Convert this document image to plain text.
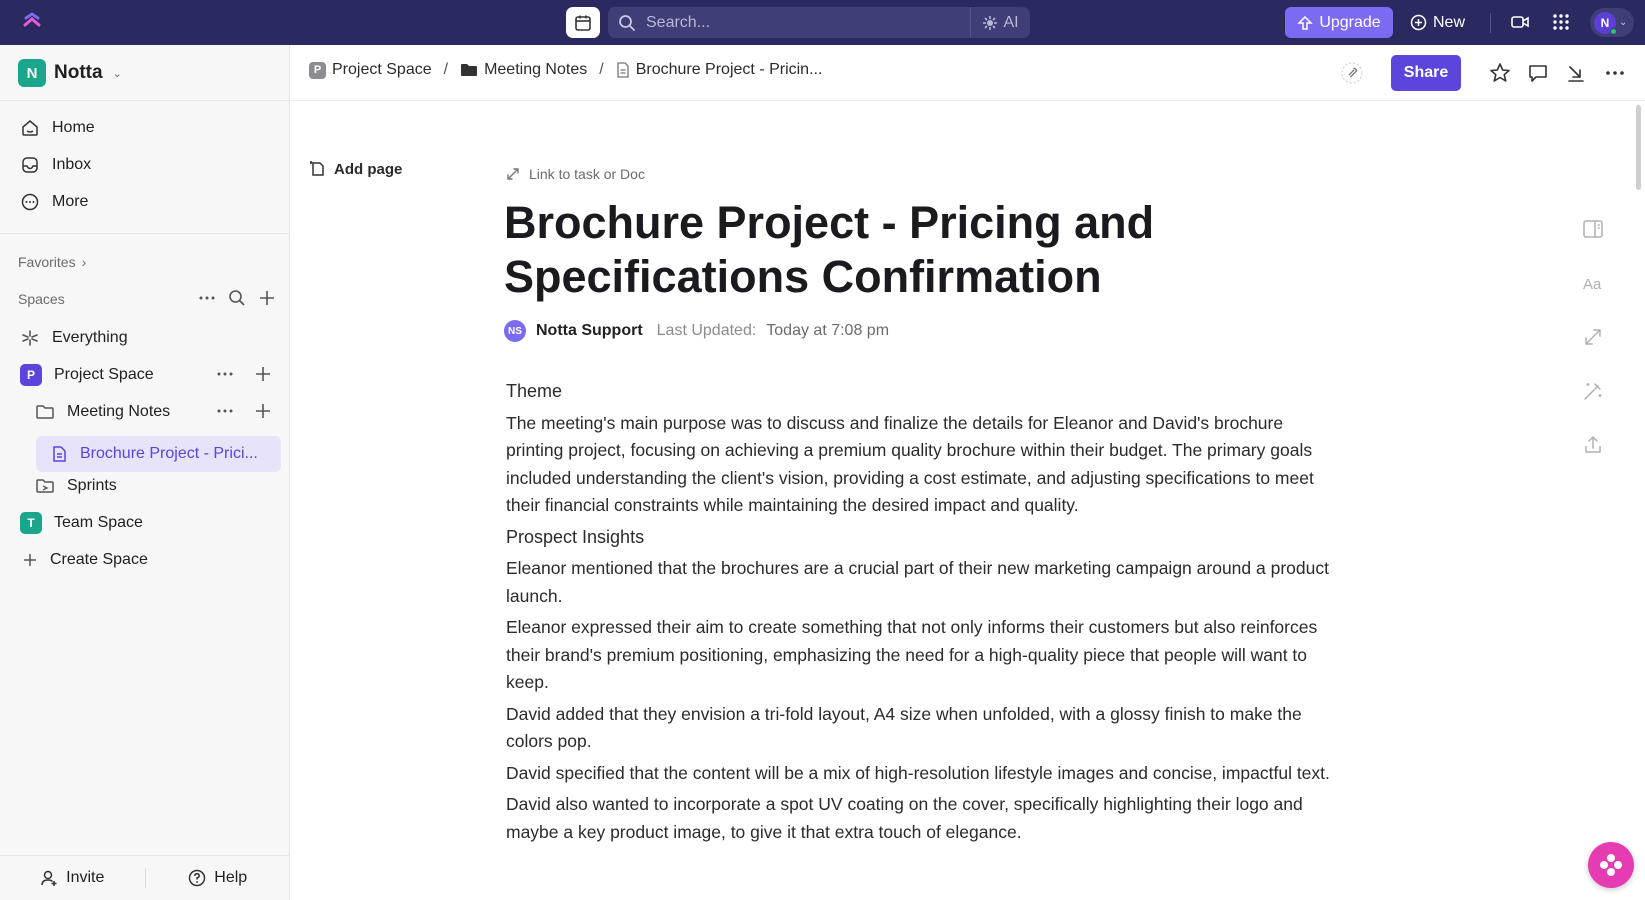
Search...	AI	Upgrade	New	N ⌄
N Notta ⌄
Home
Inbox
More
Favorites ›
Spaces
Everything
P	Project Space
Meeting Notes
Brochure Project - Prici...
Sprints
T	Team Space
Create Space
Invite	Help
P Project Space / Meeting Notes / Brochure Project - Pricin...	Share
Add page	Link to task or Doc
Brochure Project - Pricing and Specifications Confirmation
NS Notta Support Last Updated: Today at 7:08 pm
Theme

The meeting's main purpose was to discuss and finalize the details for Eleanor and David's brochure printing project, focusing on achieving a premium quality brochure within their budget. The primary goals included understanding the client's vision, providing a cost estimate, and adjusting specifications to meet their financial constraints while maintaining the desired impact and quality.

Prospect Insights

Eleanor mentioned that the brochures are a crucial part of their new marketing campaign around a product launch.

Eleanor expressed their aim to create something that not only informs their customers but also reinforces their brand's premium positioning, emphasizing the need for a high-quality piece that people will want to keep.

David added that they envision a tri-fold layout, A4 size when unfolded, with a glossy finish to make the colors pop.

David specified that the content will be a mix of high-resolution lifestyle images and concise, impactful text.

David also wanted to incorporate a spot UV coating on the cover, specifically highlighting their logo and maybe a key product image, to give it that extra touch of elegance.

Aa
